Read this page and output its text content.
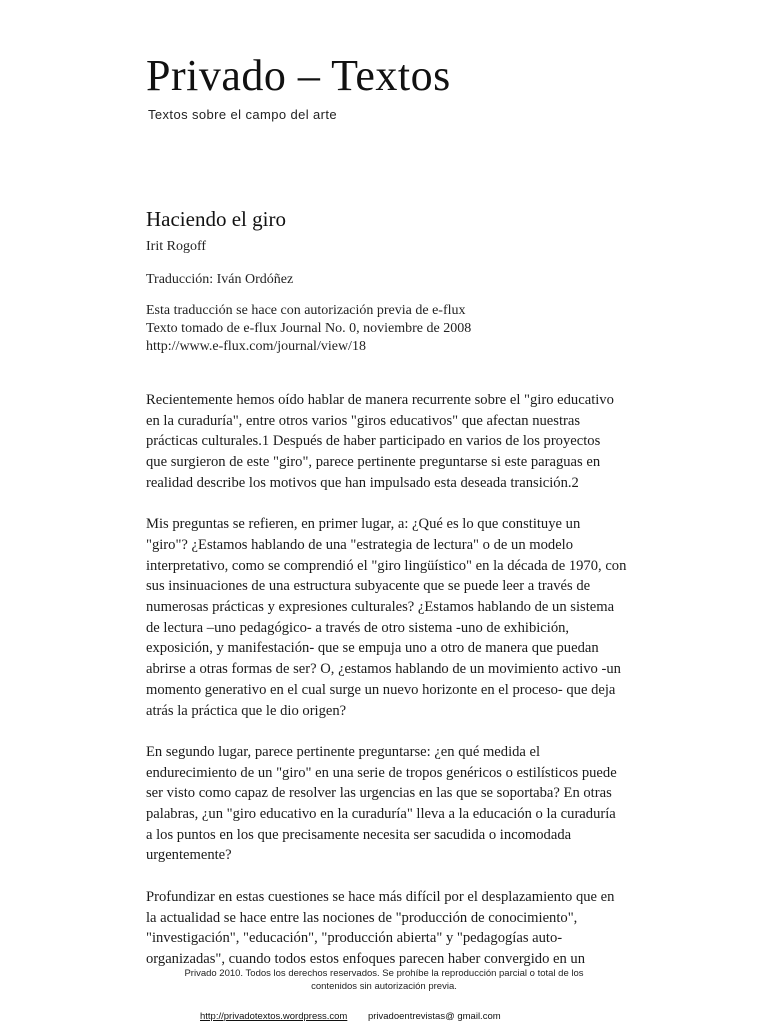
Privado – Textos
Textos sobre el campo del arte
Haciendo el giro
Irit Rogoff
Traducción: Iván Ordóñez
Esta traducción se hace con autorización previa de e-flux
Texto tomado de e-flux Journal No. 0, noviembre de 2008
http://www.e-flux.com/journal/view/18

Recientemente hemos oído hablar de manera recurrente sobre el "giro educativo
en la curaduría", entre otros varios "giros educativos" que afectan nuestras
prácticas culturales.1 Después de haber participado en varios de los proyectos
que surgieron de este "giro", parece pertinente preguntarse si este paraguas en
realidad describe los motivos que han impulsado esta deseada transición.2

Mis preguntas se refieren, en primer lugar, a: ¿Qué es lo que constituye un
"giro"? ¿Estamos hablando de una "estrategia de lectura" o de un modelo
interpretativo, como se comprendió el "giro lingüístico" en la década de 1970, con
sus insinuaciones de una estructura subyacente que se puede leer a través de
numerosas prácticas y expresiones culturales? ¿Estamos hablando de un sistema
de lectura –uno pedagógico- a través de otro sistema -uno de exhibición,
exposición, y manifestación- que se empuja uno a otro de manera que puedan
abrirse a otras formas de ser? O, ¿estamos hablando de un movimiento activo -un
momento generativo en el cual surge un nuevo horizonte en el proceso- que deja
atrás la práctica que le dio origen?

En segundo lugar, parece pertinente preguntarse: ¿en qué medida el
endurecimiento de un "giro" en una serie de tropos genéricos o estilísticos puede
ser visto como capaz de resolver las urgencias en las que se soportaba? En otras
palabras, ¿un "giro educativo en la curaduría" lleva a la educación o la curaduría
a los puntos en los que precisamente necesita ser sacudida o incomodada
urgentemente?

Profundizar en estas cuestiones se hace más difícil por el desplazamiento que en
la actualidad se hace entre las nociones de "producción de conocimiento",
"investigación", "educación", "producción abierta" y "pedagogías auto-
organizadas", cuando todos estos enfoques parecen haber convergido en un

Privado 2010. Todos los derechos reservados. Se prohíbe la reproducción parcial o total de los
contenidos sin autorización previa.
http://privadotextos.wordpress.com privadoentrevistas@ gmail.com
